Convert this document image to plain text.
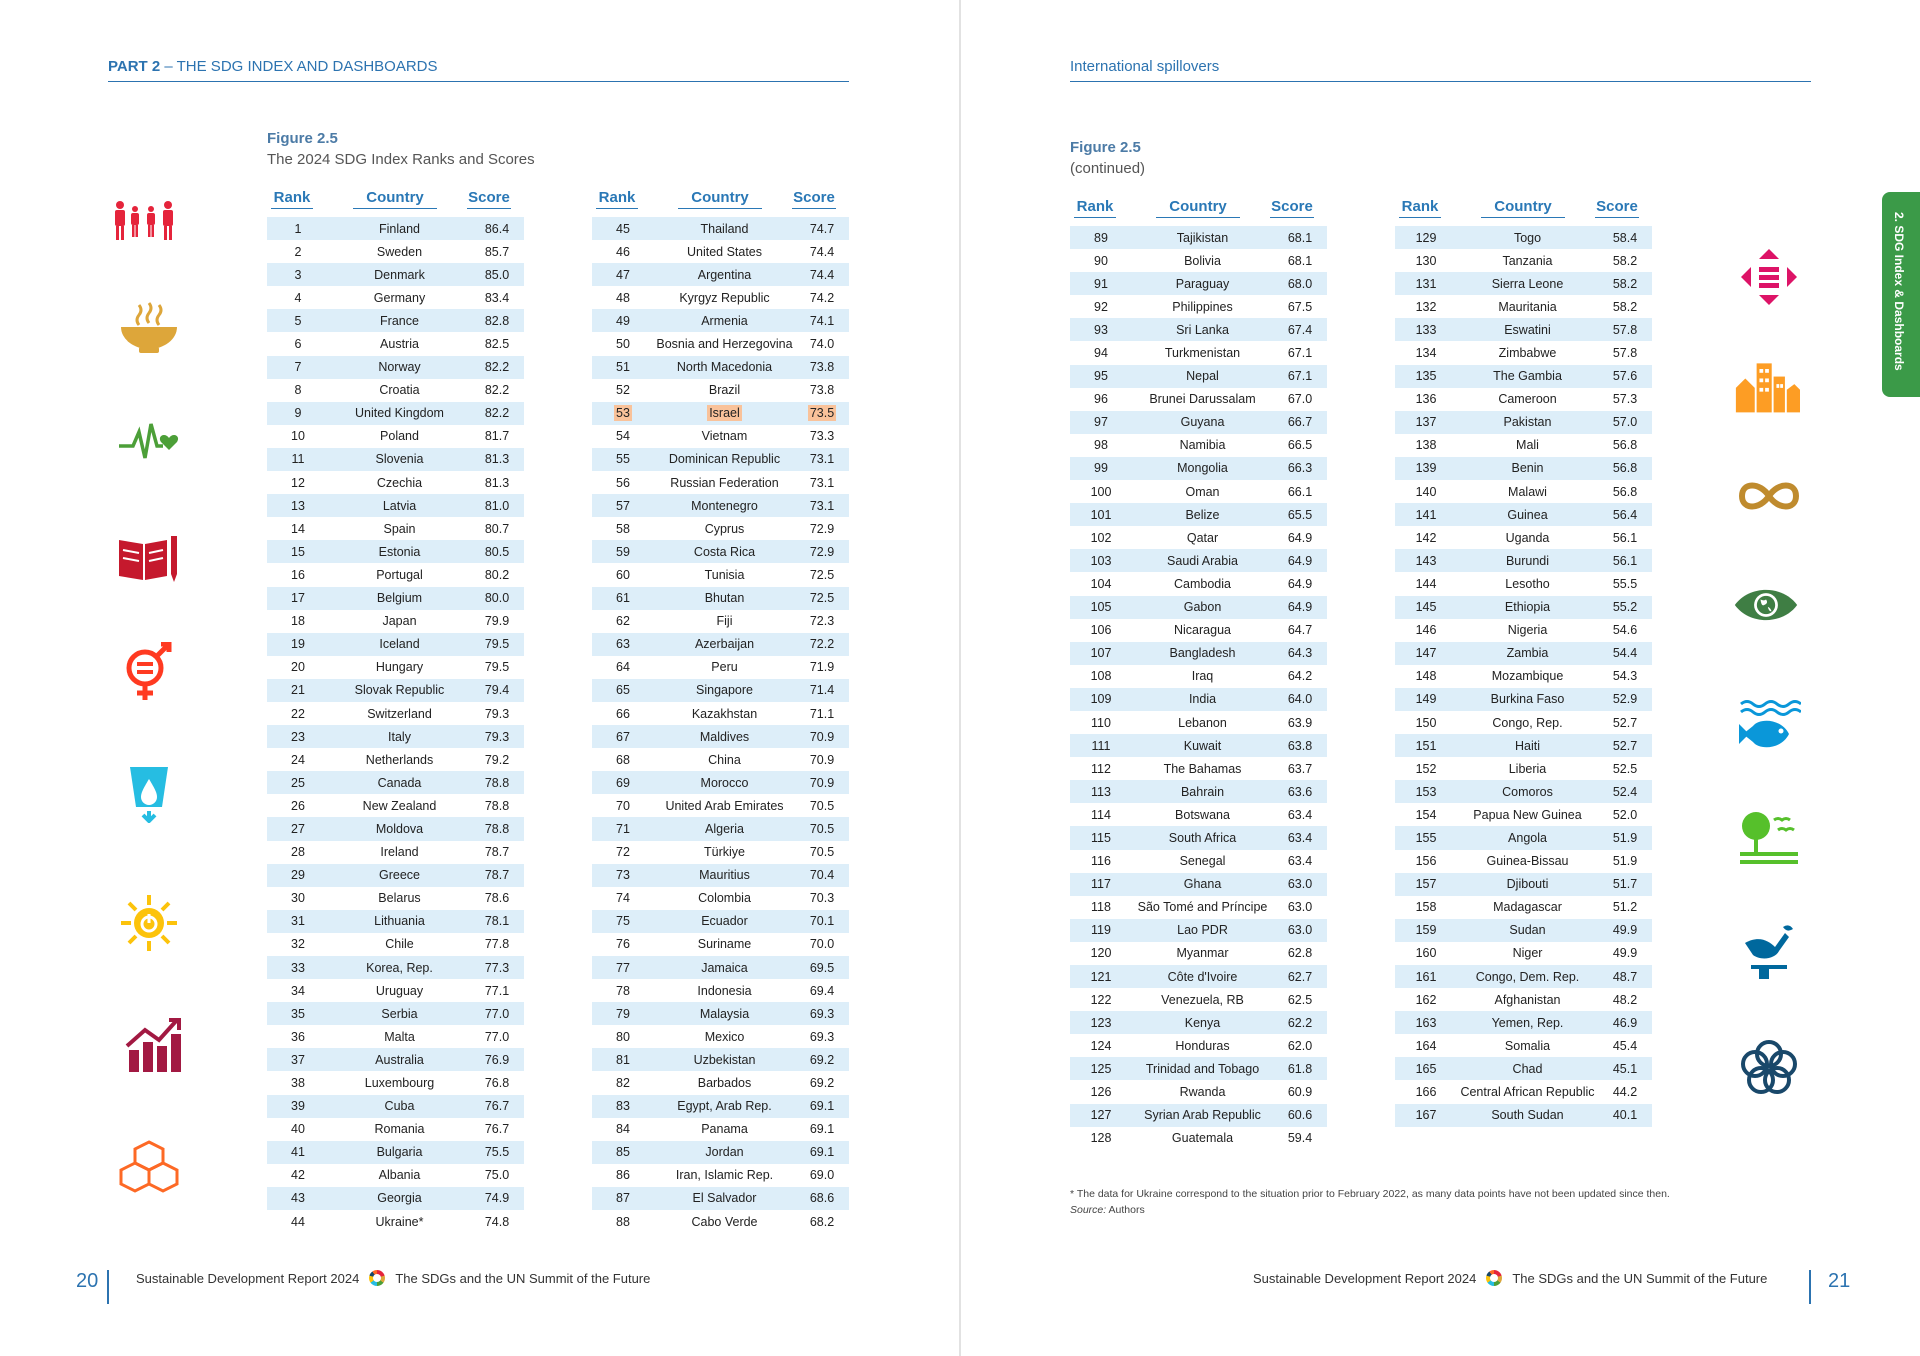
PART 2 – THE SDG INDEX AND DASHBOARDS
Figure 2.5
The 2024 SDG Index Ranks and Scores
Rank	Country	Score
1	Finland	86.4
2	Sweden	85.7
3	Denmark	85.0
4	Germany	83.4
5	France	82.8
6	Austria	82.5
7	Norway	82.2
8	Croatia	82.2
9	United Kingdom	82.2
10	Poland	81.7
11	Slovenia	81.3
12	Czechia	81.3
13	Latvia	81.0
14	Spain	80.7
15	Estonia	80.5
16	Portugal	80.2
17	Belgium	80.0
18	Japan	79.9
19	Iceland	79.5
20	Hungary	79.5
21	Slovak Republic	79.4
22	Switzerland	79.3
23	Italy	79.3
24	Netherlands	79.2
25	Canada	78.8
26	New Zealand	78.8
27	Moldova	78.8
28	Ireland	78.7
29	Greece	78.7
30	Belarus	78.6
31	Lithuania	78.1
32	Chile	77.8
33	Korea, Rep.	77.3
34	Uruguay	77.1
35	Serbia	77.0
36	Malta	77.0
37	Australia	76.9
38	Luxembourg	76.8
39	Cuba	76.7
40	Romania	76.7
41	Bulgaria	75.5
42	Albania	75.0
43	Georgia	74.9
44	Ukraine*	74.8
Rank	Country	Score
45	Thailand	74.7
46	United States	74.4
47	Argentina	74.4
48	Kyrgyz Republic	74.2
49	Armenia	74.1
50	Bosnia and Herzegovina	74.0
51	North Macedonia	73.8
52	Brazil	73.8
53	Israel	73.5
54	Vietnam	73.3
55	Dominican Republic	73.1
56	Russian Federation	73.1
57	Montenegro	73.1
58	Cyprus	72.9
59	Costa Rica	72.9
60	Tunisia	72.5
61	Bhutan	72.5
62	Fiji	72.3
63	Azerbaijan	72.2
64	Peru	71.9
65	Singapore	71.4
66	Kazakhstan	71.1
67	Maldives	70.9
68	China	70.9
69	Morocco	70.9
70	United Arab Emirates	70.5
71	Algeria	70.5
72	Türkiye	70.5
73	Mauritius	70.4
74	Colombia	70.3
75	Ecuador	70.1
76	Suriname	70.0
77	Jamaica	69.5
78	Indonesia	69.4
79	Malaysia	69.3
80	Mexico	69.3
81	Uzbekistan	69.2
82	Barbados	69.2
83	Egypt, Arab Rep.	69.1
84	Panama	69.1
85	Jordan	69.1
86	Iran, Islamic Rep.	69.0
87	El Salvador	68.6
88	Cabo Verde	68.2
Sustainable Development Report 2024	The SDGs and the UN Summit of the Future
20
International spillovers
Figure 2.5
(continued)
Rank	Country	Score
89	Tajikistan	68.1
90	Bolivia	68.1
91	Paraguay	68.0
92	Philippines	67.5
93	Sri Lanka	67.4
94	Turkmenistan	67.1
95	Nepal	67.1
96	Brunei Darussalam	67.0
97	Guyana	66.7
98	Namibia	66.5
99	Mongolia	66.3
100	Oman	66.1
101	Belize	65.5
102	Qatar	64.9
103	Saudi Arabia	64.9
104	Cambodia	64.9
105	Gabon	64.9
106	Nicaragua	64.7
107	Bangladesh	64.3
108	Iraq	64.2
109	India	64.0
110	Lebanon	63.9
111	Kuwait	63.8
112	The Bahamas	63.7
113	Bahrain	63.6
114	Botswana	63.4
115	South Africa	63.4
116	Senegal	63.4
117	Ghana	63.0
118	São Tomé and Príncipe	63.0
119	Lao PDR	63.0
120	Myanmar	62.8
121	Côte d'Ivoire	62.7
122	Venezuela, RB	62.5
123	Kenya	62.2
124	Honduras	62.0
125	Trinidad and Tobago	61.8
126	Rwanda	60.9
127	Syrian Arab Republic	60.6
128	Guatemala	59.4
Rank	Country	Score
129	Togo	58.4
130	Tanzania	58.2
131	Sierra Leone	58.2
132	Mauritania	58.2
133	Eswatini	57.8
134	Zimbabwe	57.8
135	The Gambia	57.6
136	Cameroon	57.3
137	Pakistan	57.0
138	Mali	56.8
139	Benin	56.8
140	Malawi	56.8
141	Guinea	56.4
142	Uganda	56.1
143	Burundi	56.1
144	Lesotho	55.5
145	Ethiopia	55.2
146	Nigeria	54.6
147	Zambia	54.4
148	Mozambique	54.3
149	Burkina Faso	52.9
150	Congo, Rep.	52.7
151	Haiti	52.7
152	Liberia	52.5
153	Comoros	52.4
154	Papua New Guinea	52.0
155	Angola	51.9
156	Guinea-Bissau	51.9
157	Djibouti	51.7
158	Madagascar	51.2
159	Sudan	49.9
160	Niger	49.9
161	Congo, Dem. Rep.	48.7
162	Afghanistan	48.2
163	Yemen, Rep.	46.9
164	Somalia	45.4
165	Chad	45.1
166	Central African Republic	44.2
167	South Sudan	40.1
* The data for Ukraine correspond to the situation prior to February 2022, as many data points have not been updated since then.
Source: Authors
Sustainable Development Report 2024	The SDGs and the UN Summit of the Future	21
2. SDG Index & Dashboards
